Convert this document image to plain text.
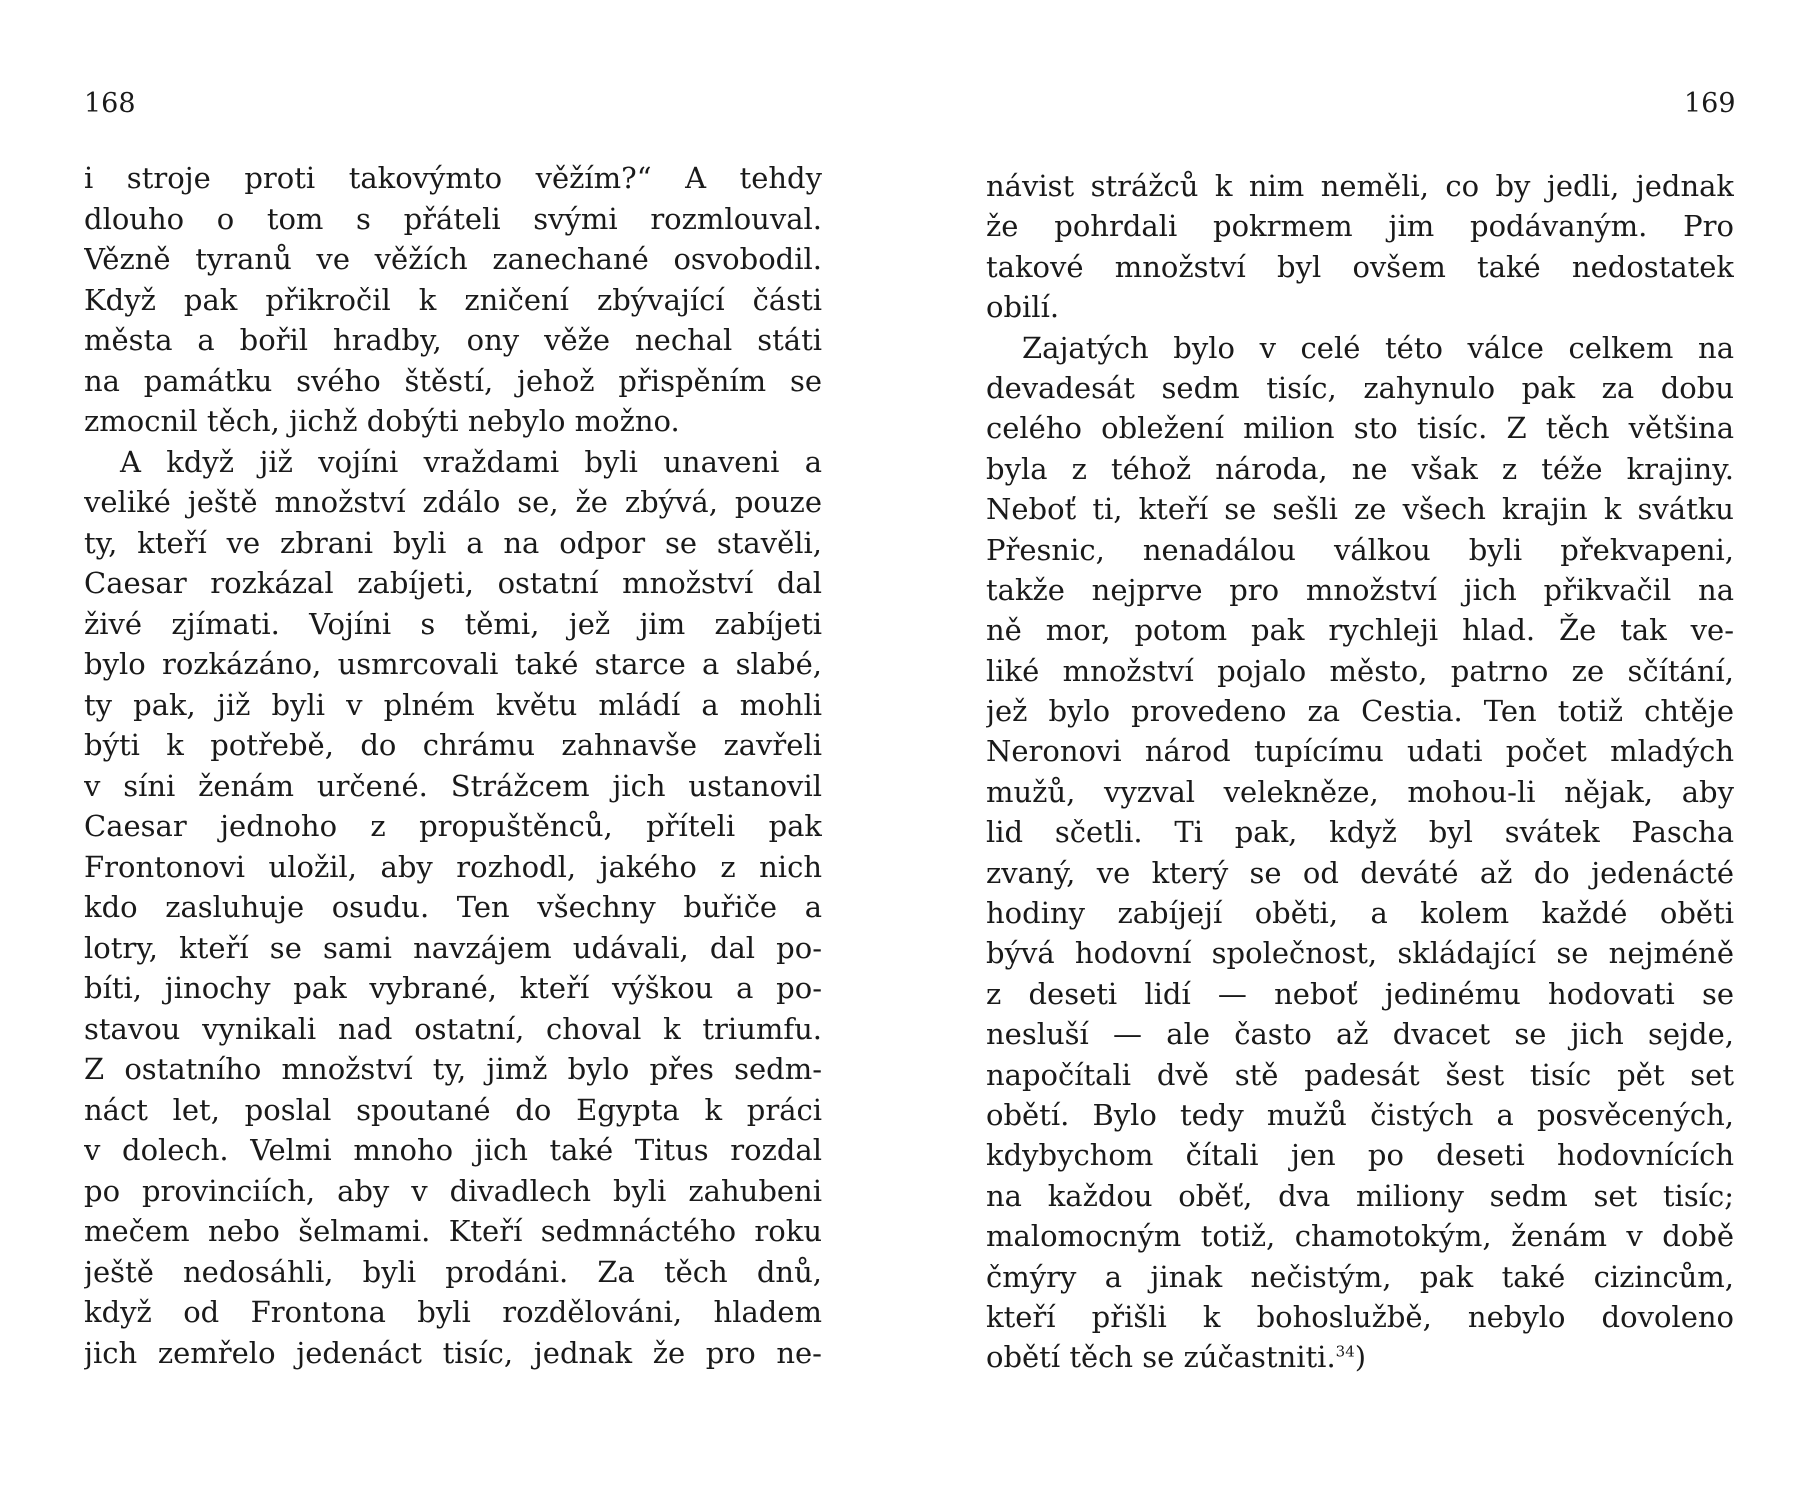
168	169
i stroje proti takovýmto věžím?“ A tehdy
dlouho o tom s přáteli svými rozmlouval.
Vězně tyranů ve věžích zanechané osvobodil.
Když pak přikročil k zničení zbývající části
města a bořil hradby, ony věže nechal státi
na památku svého štěstí, jehož přispěním se
zmocnil těch, jichž dobýti nebylo možno.
A když již vojíni vraždami byli unaveni a
veliké ještě množství zdálo se, že zbývá, pouze
ty, kteří ve zbrani byli a na odpor se stavěli,
Caesar rozkázal zabíjeti, ostatní množství dal
živé zjímati. Vojíni s těmi, jež jim zabíjeti
bylo rozkázáno, usmrcovali také starce a slabé,
ty pak, již byli v plném květu mládí a mohli
býti k potřebě, do chrámu zahnavše zavřeli
v síni ženám určené. Strážcem jich ustanovil
Caesar jednoho z propuštěnců, příteli pak
Frontonovi uložil, aby rozhodl, jakého z nich
kdo zasluhuje osudu. Ten všechny buřiče a
lotry, kteří se sami navzájem udávali, dal po-
bíti, jinochy pak vybrané, kteří výškou a po-
stavou vynikali nad ostatní, choval k triumfu.
Z ostatního množství ty, jimž bylo přes sedm-
náct let, poslal spoutané do Egypta k práci
v dolech. Velmi mnoho jich také Titus rozdal
po provinciích, aby v divadlech byli zahubeni
mečem nebo šelmami. Kteří sedmnáctého roku
ještě nedosáhli, byli prodáni. Za těch dnů,
když od Frontona byli rozdělováni, hladem
jich zemřelo jedenáct tisíc, jednak že pro ne-
návist strážců k nim neměli, co by jedli, jednak
že pohrdali pokrmem jim podávaným. Pro
takové množství byl ovšem také nedostatek
obilí.
Zajatých bylo v celé této válce celkem na
devadesát sedm tisíc, zahynulo pak za dobu
celého obležení milion sto tisíc. Z těch většina
byla z téhož národa, ne však z téže krajiny.
Neboť ti, kteří se sešli ze všech krajin k svátku
Přesnic, nenadálou válkou byli překvapeni,
takže nejprve pro množství jich přikvačil na
ně mor, potom pak rychleji hlad. Že tak ve-
liké množství pojalo město, patrno ze sčítání,
jež bylo provedeno za Cestia. Ten totiž chtěje
Neronovi národ tupícímu udati počet mladých
mužů, vyzval velekněze, mohou-li nějak, aby
lid sčetli. Ti pak, když byl svátek Pascha
zvaný, ve který se od deváté až do jedenácté
hodiny zabíjejí oběti, a kolem každé oběti
bývá hodovní společnost, skládající se nejméně
z deseti lidí — neboť jedinému hodovati se
nesluší — ale často až dvacet se jich sejde,
napočítali dvě stě padesát šest tisíc pět set
obětí. Bylo tedy mužů čistých a posvěcených,
kdybychom čítali jen po deseti hodovnících
na každou oběť, dva miliony sedm set tisíc;
malomocným totiž, chamotokým, ženám v době
čmýry a jinak nečistým, pak také cizincům,
kteří přišli k bohoslužbě, nebylo dovoleno
obětí těch se zúčastniti.$^{34}$)
